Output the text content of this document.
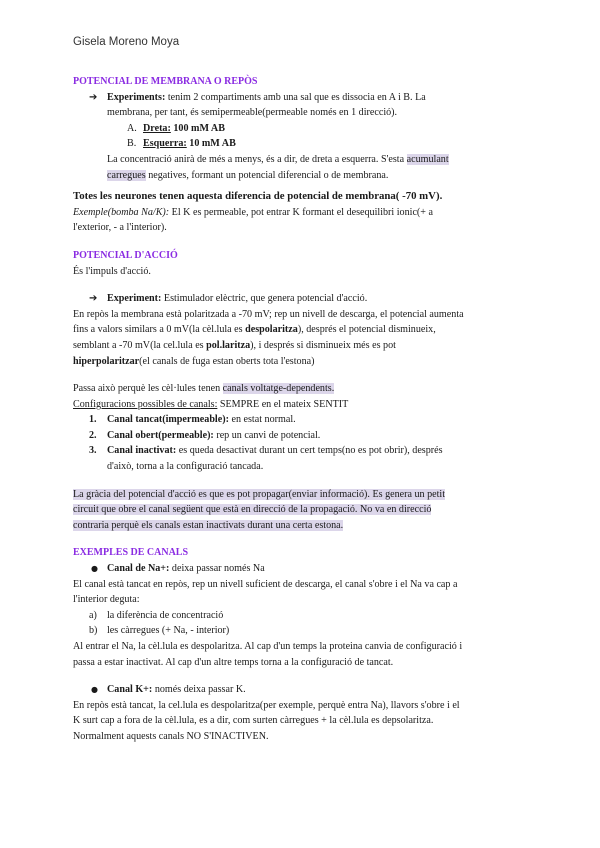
Gisela Moreno Moya

POTENCIAL DE MEMBRANA O REPÒS

➔ Experiments: tenim 2 compartiments amb una sal que es dissocia en A i B. La

membrana, per tant, és semipermeable(permeable només en 1 direcció).

A. Dreta: 100 mM AB

B. Esquerra: 10 mM AB

La concentració anirà de més a menys, és a dir, de dreta a esquerra. S'esta acumulant

carregues negatives, formant un potencial diferencial o de membrana.

Totes les neurones tenen aquesta diferencia de potencial de membrana( -70 mV).

Exemple(bomba Na/K): El K es permeable, pot entrar K formant el desequilibri ionic(+ a

l'exterior, - a l'interior).

POTENCIAL D'ACCIÓ

És l'impuls d'acció.

➔ Experiment: Estimulador elèctric, que genera potencial d'acció.

En repòs la membrana està polaritzada a -70 mV; rep un nivell de descarga, el potencial aumenta

fins a valors similars a 0 mV(la cèl.lula es despolaritza), després el potencial disminueix,

semblant a -70 mV(la cel.lula es pol.laritza), i després si disminueix més es pot

hiperpolaritzar(el canals de fuga estan oberts tota l'estona)

Passa això perquè les cèl·lules tenen canals voltatge-dependents.

Configuracions possibles de canals: SEMPRE en el mateix SENTIT

1. Canal tancat(impermeable): en estat normal.

2. Canal obert(permeable): rep un canvi de potencial.

3. Canal inactivat: es queda desactivat durant un cert temps(no es pot obrir), després

d'això, torna a la configuració tancada.

La gràcia del potencial d'acció es que es pot propagar(enviar informació). Es genera un petit

circuit que obre el canal següent que està en direcció de la propagació. No va en direcció

contraria perquè els canals estan inactivats durant una certa estona.

EXEMPLES DE CANALS

● Canal de Na+: deixa passar només Na

El canal està tancat en repòs, rep un nivell suficient de descarga, el canal s'obre i el Na va cap a

l'interior deguta:

a) la diferència de concentració

b) les càrregues (+ Na, - interior)

Al entrar el Na, la cèl.lula es despolaritza. Al cap d'un temps la proteina canvia de configuració i

passa a estar inactivat. Al cap d'un altre temps torna a la configuració de tancat.

● Canal K+: només deixa passar K.

En repòs està tancat, la cel.lula es despolaritza(per exemple, perquè entra Na), llavors s'obre i el

K surt cap a fora de la cèl.lula, es a dir, com surten càrregues + la cèl.lula es depsolaritza.

Normalment aquests canals NO S'INACTIVEN.
